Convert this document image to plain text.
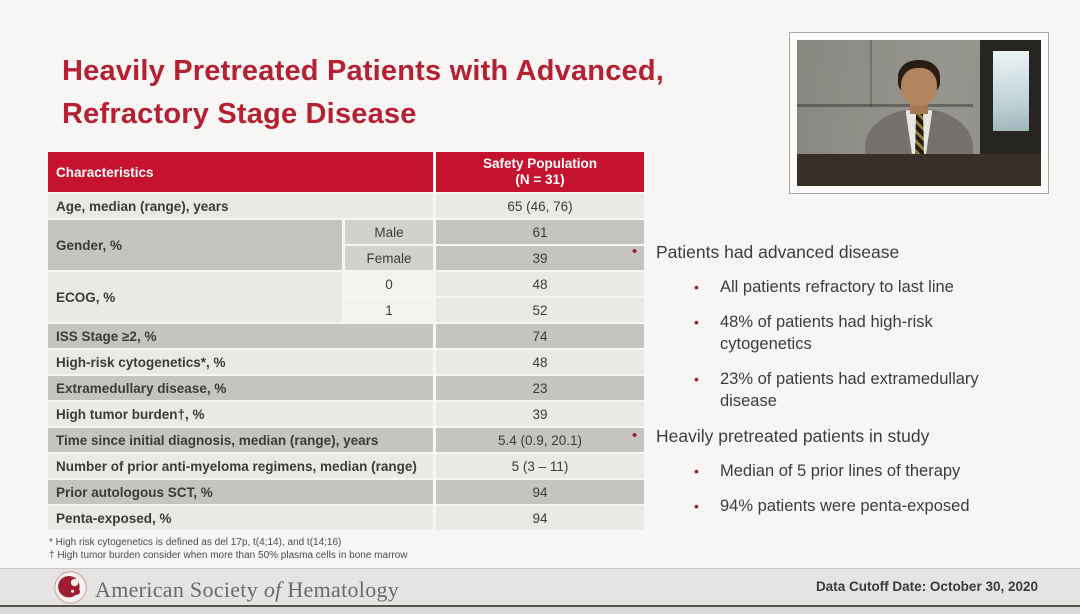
Heavily Pretreated Patients with Advanced,
Refractory Stage Disease
Characteristics		Safety Population
(N = 31)

Age, median (range), years		65 (46, 76)
Gender, %	Male	61
	Female	39
ECOG, %	0	48
	1	52
ISS Stage ≥2, %		74
High-risk cytogenetics*, %		48
Extramedullary disease, %		23
High tumor burden†, %		39
Time since initial diagnosis, median (range), years		5.4 (0.9, 20.1)
Number of prior anti-myeloma regimens, median (range)		5 (3 – 11)
Prior autologous SCT, %		94
Penta-exposed, %		94
* High risk cytogenetics is defined as del 17p, t(4;14), and t(14;16)
† High tumor burden consider when more than 50% plasma cells in bone marrow
•	Patients had advanced disease
•	All patients refractory to last line
•	48% of patients had high-risk cytogenetics
•	23% of patients had extramedullary disease
•	Heavily pretreated patients in study
•	Median of 5 prior lines of therapy
•	94% patients were penta-exposed
American Society of Hematology	Data Cutoff Date: October 30, 2020
